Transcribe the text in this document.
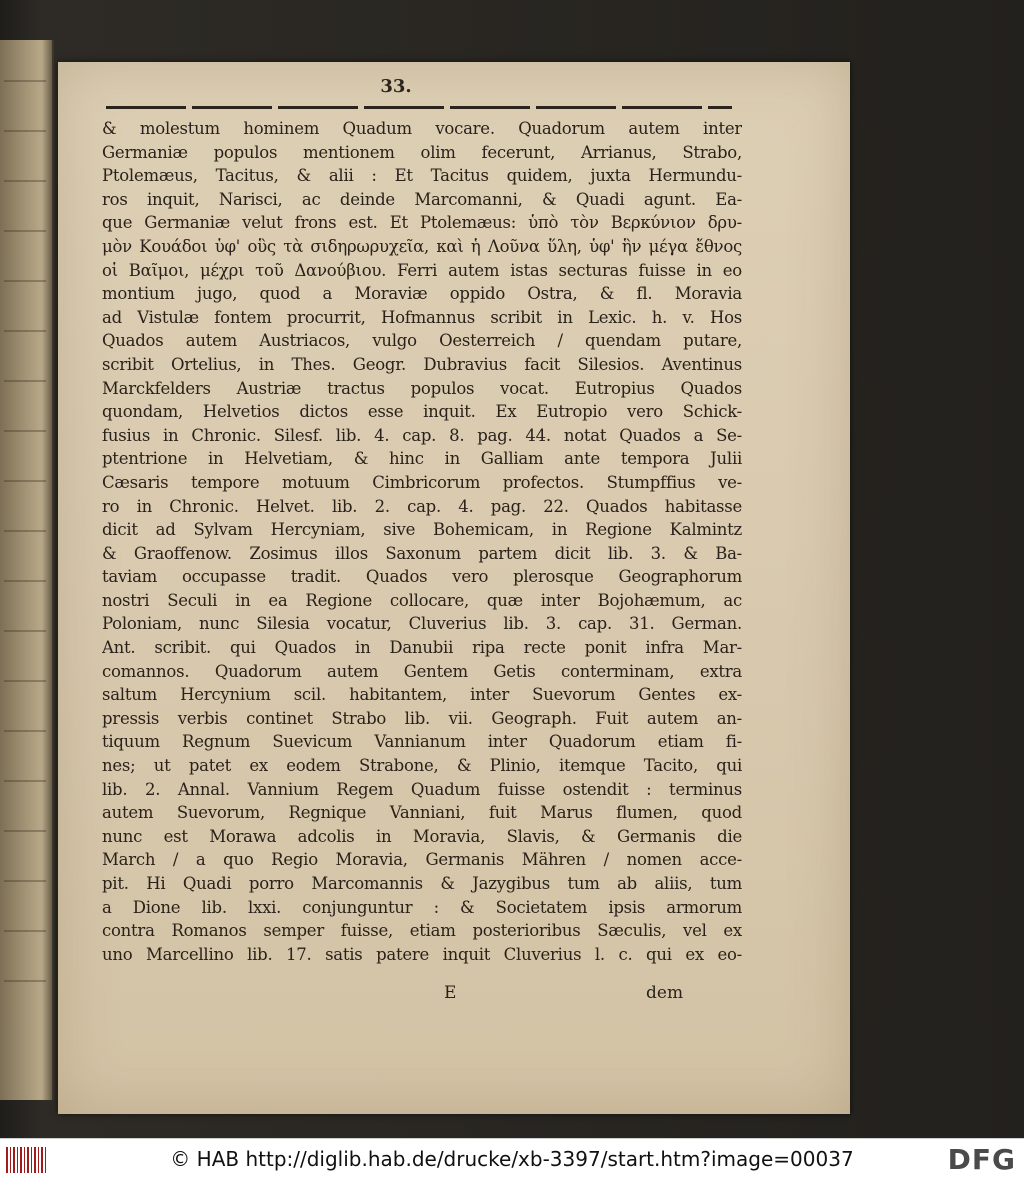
33.
& molestum hominem Quadum vocare. Quadorum autem inter
Germaniæ populos mentionem olim fecerunt, Arrianus, Strabo,
Ptolemæus, Tacitus, & alii : Et Tacitus quidem, juxta Hermundu-
ros inquit, Narisci, ac deinde Marcomanni, & Quadi agunt. Ea-
que Germaniæ velut frons est. Et Ptolemæus: ὑπὸ τὸν Βερκύνιον δρυ-
μὸν Κουάδοι ὑφ' οὓς τὰ σιδηρωρυχεῖα, καὶ ἡ Λοῦνα ὕλη, ὑφ' ἣν μέγα ἔθνος
οἱ Βαῖμοι, μέχρι τοῦ Δανούβιου. Ferri autem istas secturas fuisse in eo
montium jugo, quod a Moraviæ oppido Ostra, & fl. Moravia
ad Vistulæ fontem procurrit, Hofmannus scribit in Lexic. h. v. Hos
Quados autem Austriacos, vulgo Oesterreich / quendam putare,
scribit Ortelius, in Thes. Geogr. Dubravius facit Silesios. Aventinus
Marckfelders Austriæ tractus populos vocat. Eutropius Quados
quondam, Helvetios dictos esse inquit. Ex Eutropio vero Schick-
fusius in Chronic. Silesf. lib. 4. cap. 8. pag. 44. notat Quados a Se-
ptentrione in Helvetiam, & hinc in Galliam ante tempora Julii
Cæsaris tempore motuum Cimbricorum profectos. Stumpffius ve-
ro in Chronic. Helvet. lib. 2. cap. 4. pag. 22. Quados habitasse
dicit ad Sylvam Hercyniam, sive Bohemicam, in Regione Kalmintz
& Graoffenow. Zosimus illos Saxonum partem dicit lib. 3. & Ba-
taviam occupasse tradit. Quados vero plerosque Geographorum
nostri Seculi in ea Regione collocare, quæ inter Bojohæmum, ac
Poloniam, nunc Silesia vocatur, Cluverius lib. 3. cap. 31. German.
Ant. scribit. qui Quados in Danubii ripa recte ponit infra Mar-
comannos. Quadorum autem Gentem Getis conterminam, extra
saltum Hercynium scil. habitantem, inter Suevorum Gentes ex-
pressis verbis continet Strabo lib. vii. Geograph. Fuit autem an-
tiquum Regnum Suevicum Vannianum inter Quadorum etiam fi-
nes; ut patet ex eodem Strabone, & Plinio, itemque Tacito, qui
lib. 2. Annal. Vannium Regem Quadum fuisse ostendit : terminus
autem Suevorum, Regnique Vanniani, fuit Marus flumen, quod
nunc est Morawa adcolis in Moravia, Slavis, & Germanis die
March / a quo Regio Moravia, Germanis Mähren / nomen acce-
pit. Hi Quadi porro Marcomannis & Jazygibus tum ab aliis, tum
a Dione lib. lxxi. conjunguntur : & Societatem ipsis armorum
contra Romanos semper fuisse, etiam posterioribus Sæculis, vel ex
uno Marcellino lib. 17. satis patere inquit Cluverius l. c. qui ex eo-
E	dem
© HAB http://diglib.hab.de/drucke/xb-3397/start.htm?image=00037	DFG
